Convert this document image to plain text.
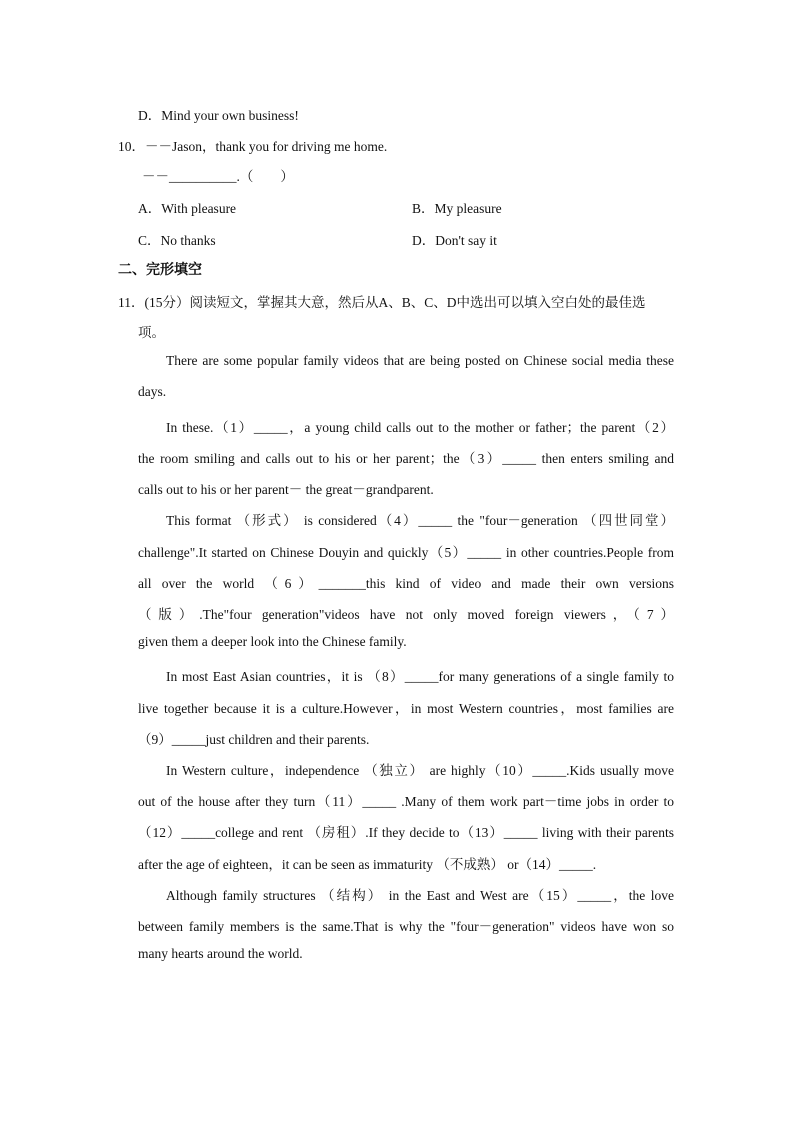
D．Mind your own business!
10．－－Jason，thank you for driving me home.
－－__________.（　　）
A．With pleasure	B．My pleasure
C．No thanks	D．Don't say it
二、完形填空
11．(15分）阅读短文，掌握其大意，然后从A、B、C、D中选出可以填入空白处的最佳选
项。
There are some popular family videos that are being posted on Chinese social media these
days.
In these.（1）_____，a young child calls out to the mother or father；the parent（2）
the room smiling and calls out to his or her parent；the（3）_____ then enters smiling and
calls out to his or her parent－ the great－grandparent.
This format （形式） is considered（4）_____ the "four－generation （四世同堂）
challenge".It started on Chinese Douyin and quickly（5）_____ in other countries.People from
all over the world （6）_______this kind of video and made their own versions
（版）.The"four generation"videos have not only moved foreign viewers，（7）
given them a deeper look into the Chinese family.
In most East Asian countries，it is （8）_____for many generations of a single family to
live together because it is a culture.However，in most Western countries，most families are
（9）_____just children and their parents.
In Western culture，independence （独立） are highly（10）_____.Kids usually move
out of the house after they turn（11）_____ .Many of them work part－time jobs in order to
（12）_____college and rent （房租）.If they decide to（13）_____ living with their parents
after the age of eighteen，it can be seen as immaturity （不成熟） or（14）_____.
Although family structures （结构） in the East and West are（15）_____，the love
between family members is the same.That is why the "four－generation" videos have won so
many hearts around the world.
